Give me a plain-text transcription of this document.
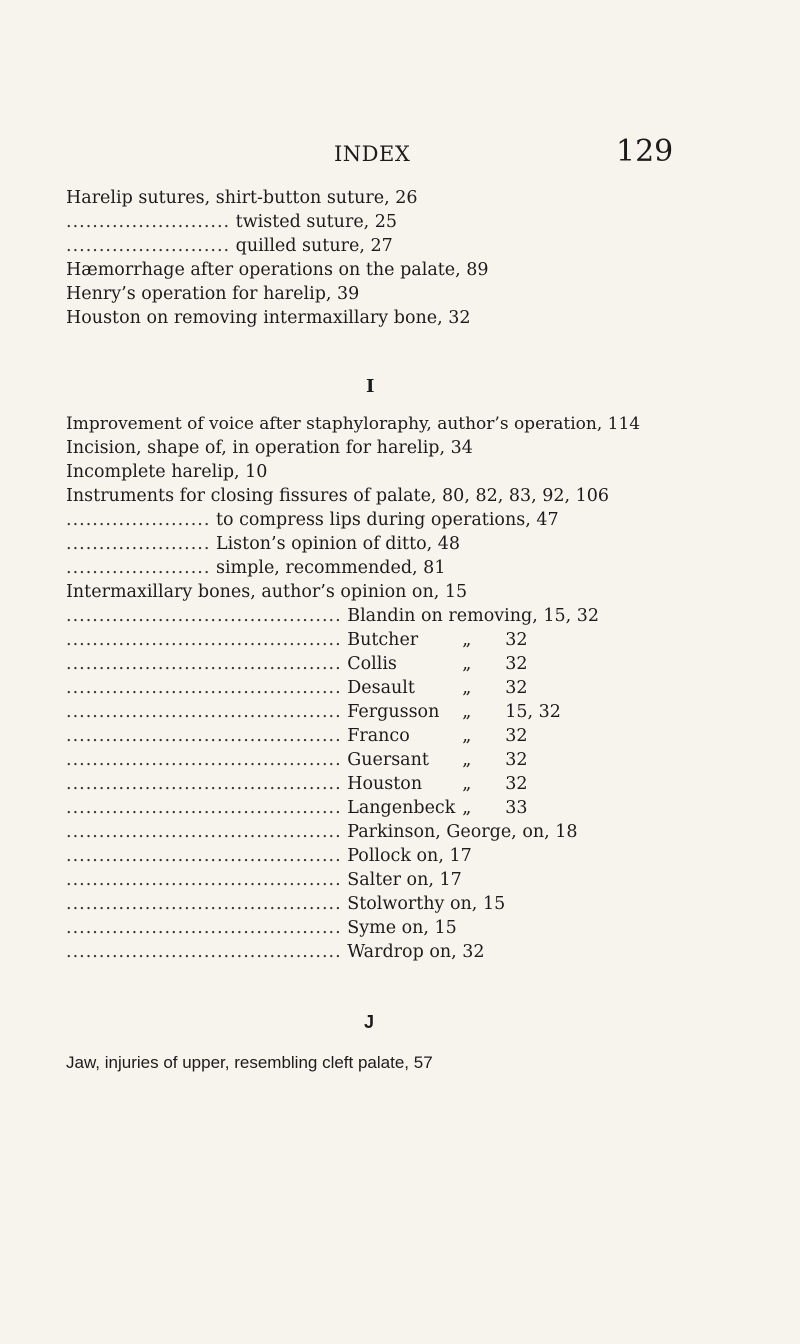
INDEX	129
Harelip sutures, shirt-button suture, 26
......................... twisted suture, 25
......................... quilled suture, 27
Hæmorrhage after operations on the palate, 89
Henry’s operation for harelip, 39
Houston on removing intermaxillary bone, 32
I
Improvement of voice after staphyloraphy, author’s operation, 114
Incision, shape of, in operation for harelip, 34
Incomplete harelip, 10
Instruments for closing fissures of palate, 80, 82, 83, 92, 106
...................... to compress lips during operations, 47
...................... Liston’s opinion of ditto, 48
...................... simple, recommended, 81
Intermaxillary bones, author’s opinion on, 15
.......................................... Blandin on removing, 15, 32
.......................................... Butcher	„ 32
.......................................... Collis	„ 32
.......................................... Desault	„ 32
.......................................... Fergusson „ 15, 32
.......................................... Franco	„ 32
.......................................... Guersant „ 32
.......................................... Houston „ 32
.......................................... Langenbeck „ 33
.......................................... Parkinson, George, on, 18
.......................................... Pollock on, 17
.......................................... Salter on, 17
.......................................... Stolworthy on, 15
.......................................... Syme on, 15
.......................................... Wardrop on, 32
J
Jaw, injuries of upper, resembling cleft palate, 57
